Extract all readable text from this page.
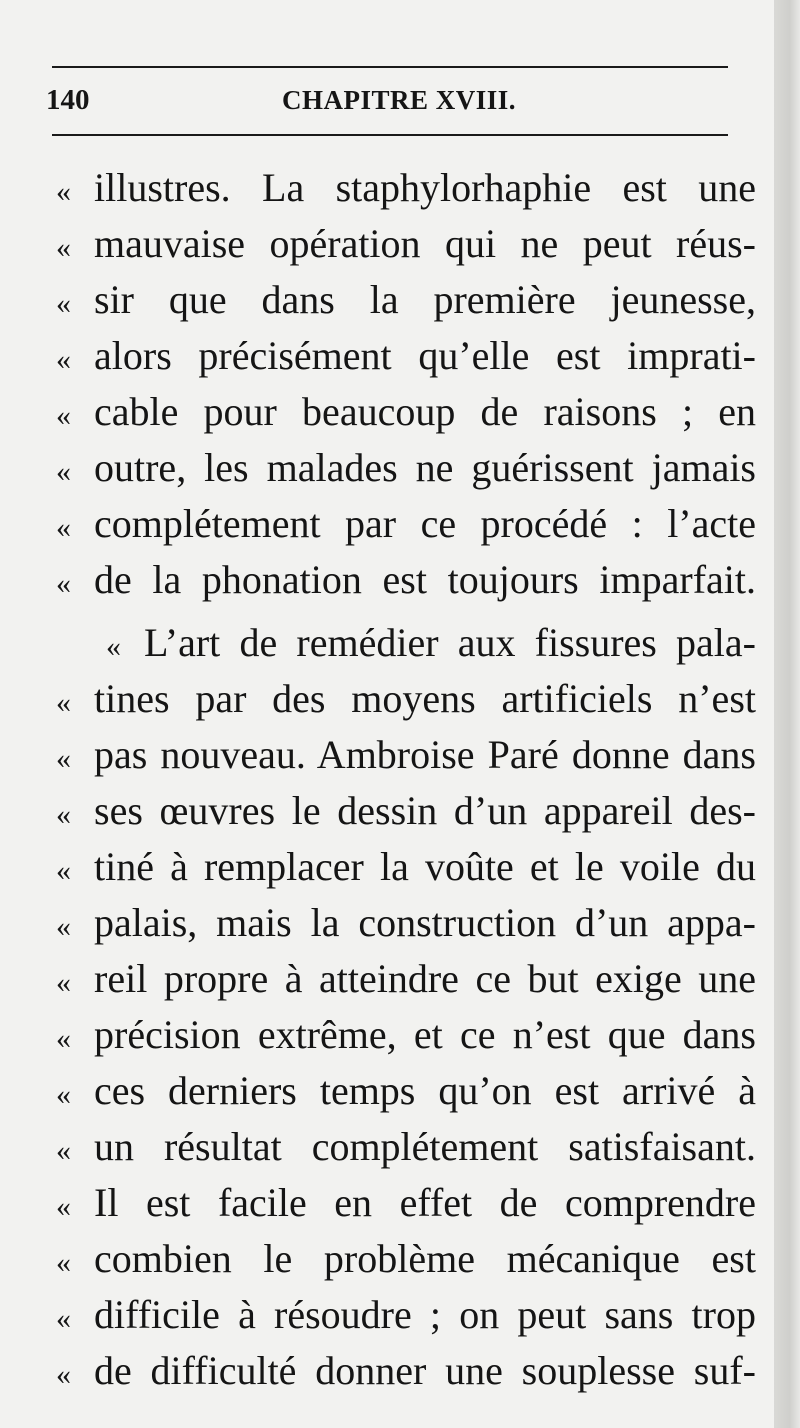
140	CHAPITRE XVIII.
« illustres. La staphylorhaphie est une
« mauvaise opération qui ne peut réus-
« sir que dans la première jeunesse,
« alors précisément qu’elle est imprati-
« cable pour beaucoup de raisons ; en
« outre, les malades ne guérissent jamais
« complétement par ce procédé : l’acte
« de la phonation est toujours imparfait.
« L’art de remédier aux fissures pala-
« tines par des moyens artificiels n’est
« pas nouveau. Ambroise Paré donne dans
« ses œuvres le dessin d’un appareil des-
« tiné à remplacer la voûte et le voile du
« palais, mais la construction d’un appa-
« reil propre à atteindre ce but exige une
« précision extrême, et ce n’est que dans
« ces derniers temps qu’on est arrivé à
« un résultat complétement satisfaisant.
« Il est facile en effet de comprendre
« combien le problème mécanique est
« difficile à résoudre ; on peut sans trop
« de difficulté donner une souplesse suf-
